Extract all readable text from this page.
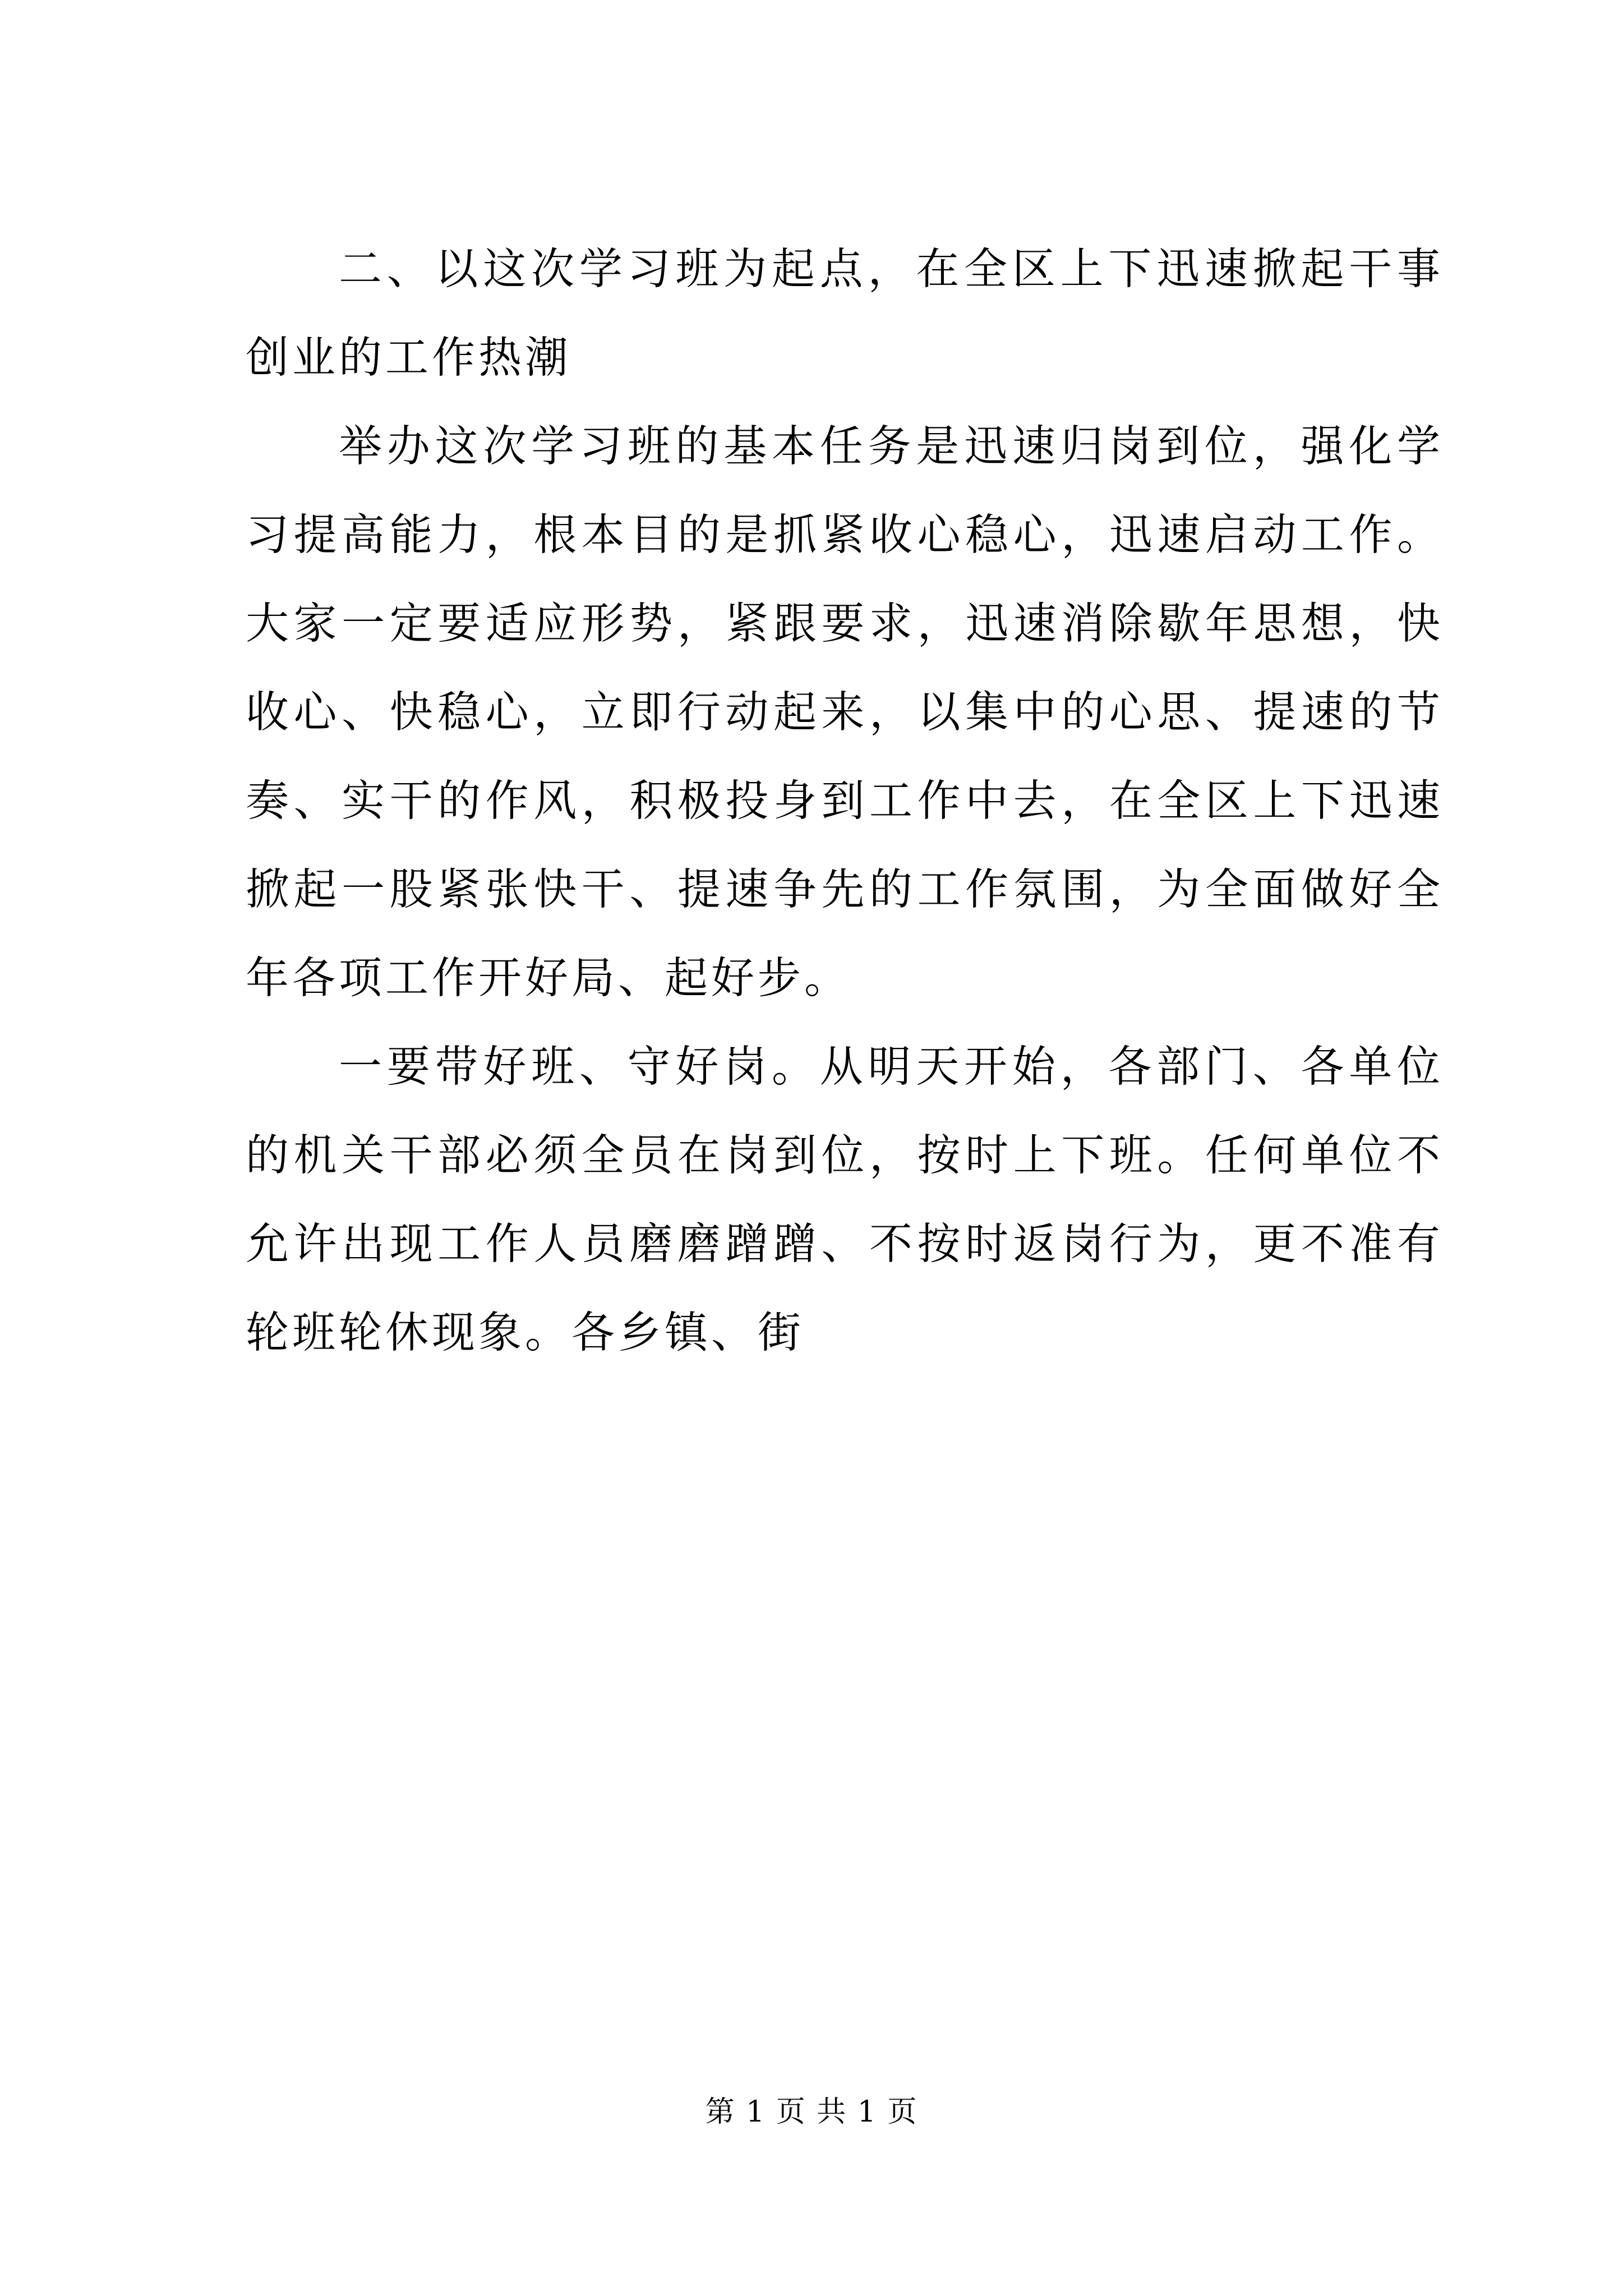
二、以这次学习班为起点，在全区上下迅速掀起干事创业的工作热潮

举办这次学习班的基本任务是迅速归岗到位，强化学习提高能力，根本目的是抓紧收心稳心，迅速启动工作。大家一定要适应形势，紧跟要求，迅速消除歇年思想，快收心、快稳心，立即行动起来，以集中的心思、提速的节奏、实干的作风，积极投身到工作中去，在全区上下迅速掀起一股紧张快干、提速争先的工作氛围，为全面做好全年各项工作开好局、起好步。

一要带好班、守好岗。从明天开始，各部门、各单位的机关干部必须全员在岗到位，按时上下班。任何单位不允许出现工作人员磨磨蹭蹭、不按时返岗行为，更不准有轮班轮休现象。各乡镇、街

第 1 页 共 1 页
